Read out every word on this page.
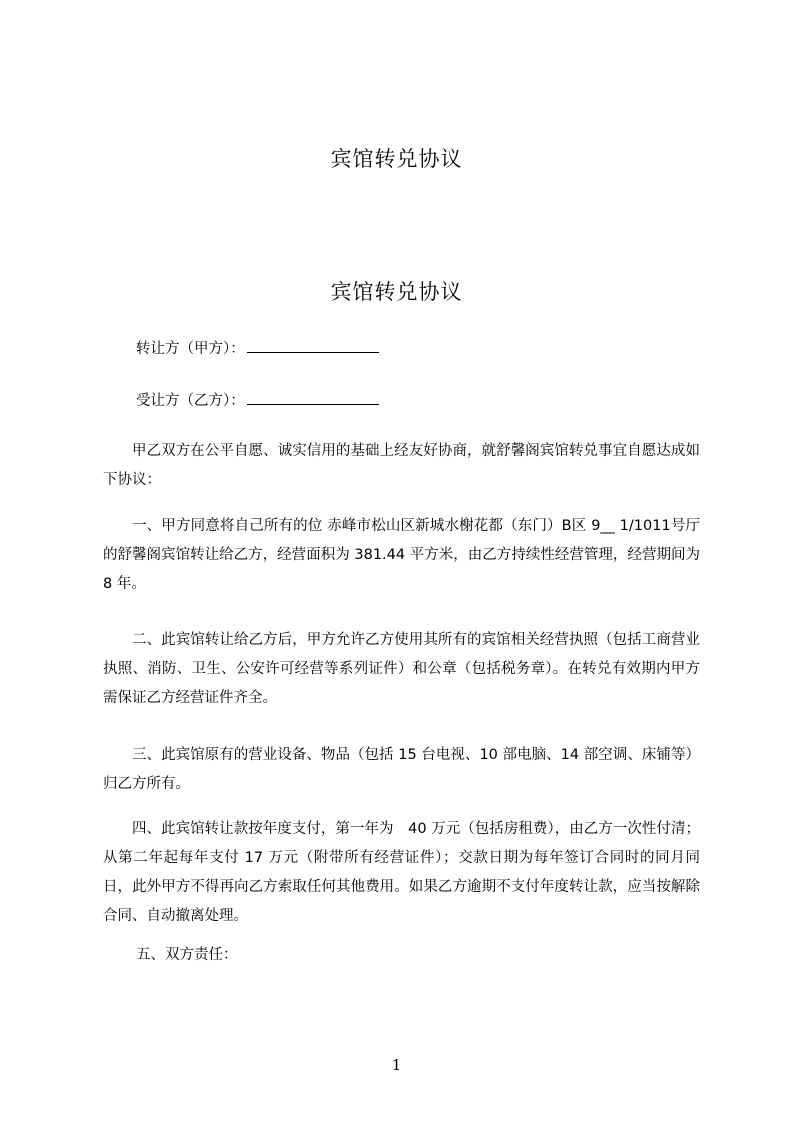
宾馆转兑协议
宾馆转兑协议
转让方（甲方）：
受让方（乙方）：

甲乙双方在公平自愿、诚实信用的基础上经友好协商，就舒馨阁宾馆转兑事宜自愿达成如下协议：

一、甲方同意将自己所有的位 赤峰市松山区新城水榭花都（东门）B区 9__ 1/1011号厅的舒馨阁宾馆转让给乙方，经营面积为 381.44 平方米，由乙方持续性经营管理，经营期间为 8 年。

二、此宾馆转让给乙方后，甲方允许乙方使用其所有的宾馆相关经营执照（包括工商营业执照、消防、卫生、公安许可经营等系列证件）和公章（包括税务章）。在转兑有效期内甲方需保证乙方经营证件齐全。

三、此宾馆原有的营业设备、物品（包括 15 台电视、10 部电脑、14 部空调、床铺等）归乙方所有。

四、此宾馆转让款按年度支付，第一年为　40 万元（包括房租费），由乙方一次性付清；从第二年起每年支付 17 万元（附带所有经营证件）；交款日期为每年签订合同时的同月同日，此外甲方不得再向乙方索取任何其他费用。如果乙方逾期不支付年度转让款，应当按解除合同、自动撤离处理。

五、双方责任：
1
